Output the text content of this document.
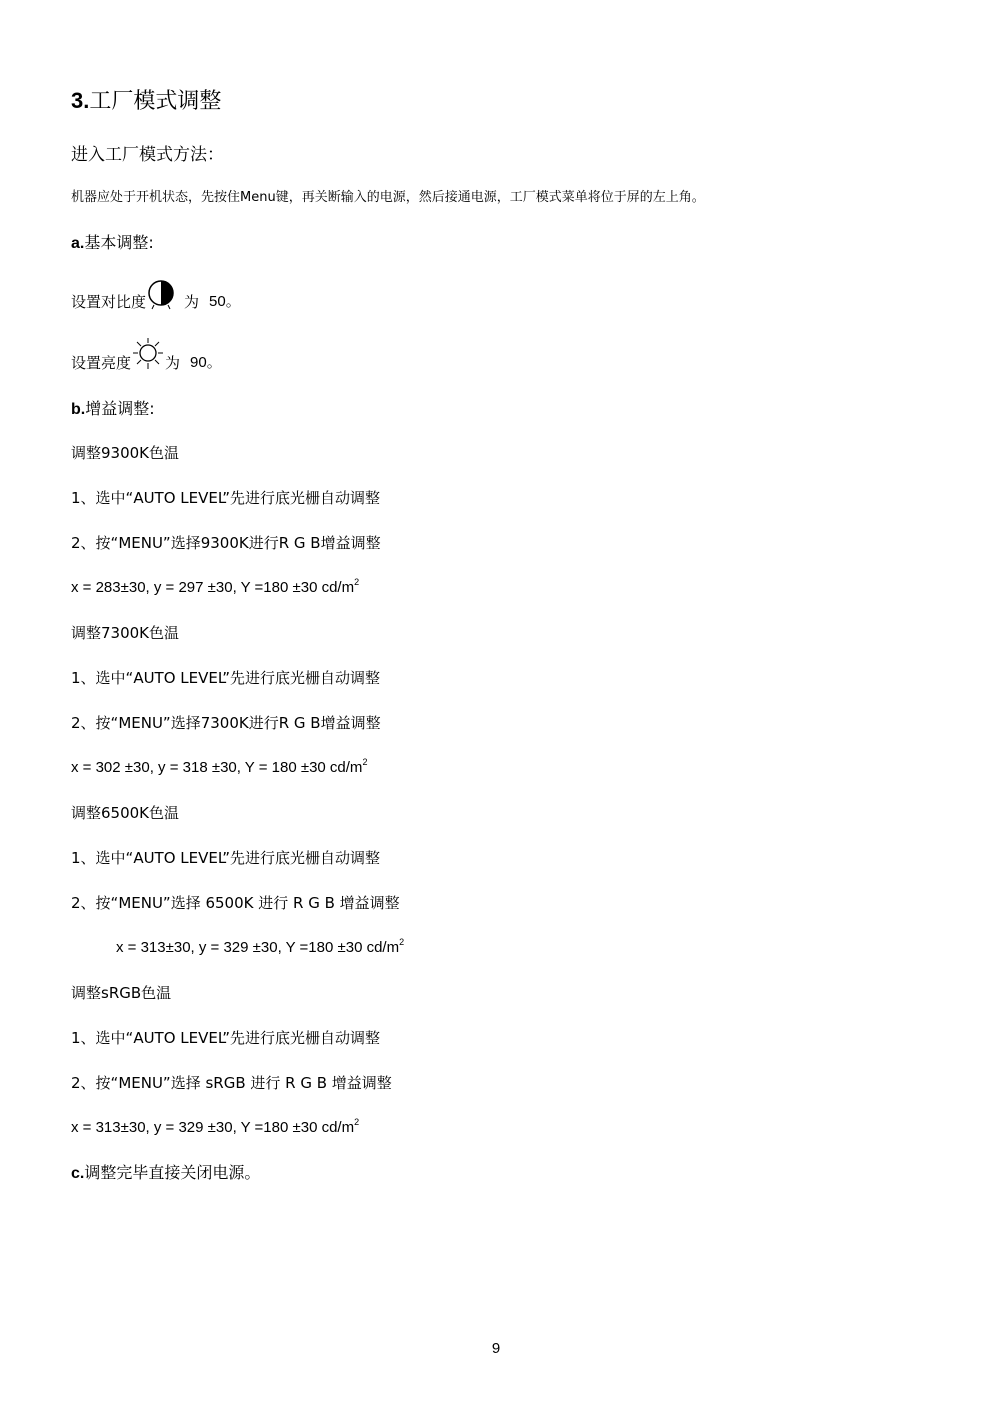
3.工厂模式调整
进入工厂模式方法：
机器应处于开机状态，先按住Menu键，再关断输入的电源，然后接通电源，工厂模式菜单将位于屏的左上角。
a.基本调整:
设置对比度	为 50。
设置亮度 为 90。
b.增益调整:
调整9300K色温
1、选中“AUTO LEVEL”先进行底光栅自动调整
2、按“MENU”选择9300K进行R G B增益调整
x = 283±30, y = 297 ±30, Y =180 ±30 $cd/m^2$
调整7300K色温
1、选中“AUTO LEVEL”先进行底光栅自动调整
2、按“MENU”选择7300K进行R G B增益调整
x = 302 ±30, y = 318 ±30, Y = 180 ±30 $cd/m^2$
调整6500K色温
1、选中“AUTO LEVEL”先进行底光栅自动调整
2、按“MENU”选择 6500K 进行 R G B 增益调整
x = 313±30, y = 329 ±30, Y =180 ±30 $cd/m^2$
调整sRGB色温
1、选中“AUTO LEVEL”先进行底光栅自动调整
2、按“MENU”选择 sRGB 进行 R G B 增益调整
x = 313±30, y = 329 ±30, Y =180 ±30 $cd/m^2$
c.调整完毕直接关闭电源。
9
